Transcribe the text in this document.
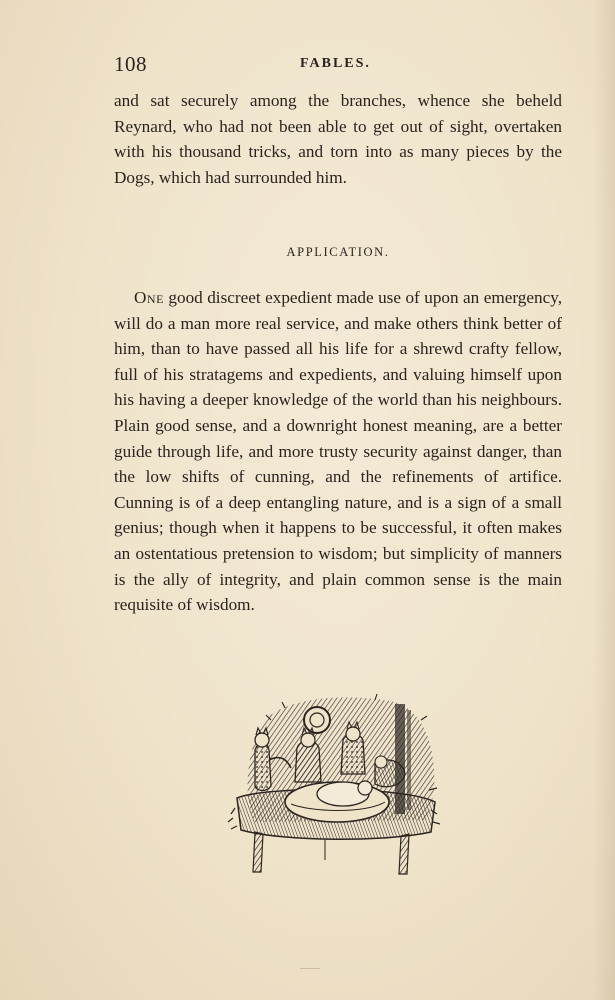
108	FABLES.

and sat securely among the branches, whence she beheld Reynard, who had not been able to get out of sight, overtaken with his thousand tricks, and torn into as many pieces by the Dogs, which had surrounded him.

APPLICATION.

One good discreet expedient made use of upon an emergency, will do a man more real service, and make others think better of him, than to have passed all his life for a shrewd crafty fellow, full of his stratagems and expedients, and valuing himself upon his having a deeper knowledge of the world than his neighbours. Plain good sense, and a downright honest meaning, are a better guide through life, and more trusty security against danger, than the low shifts of cunning, and the refinements of artifice. Cunning is of a deep entangling nature, and is a sign of a small genius; though when it happens to be successful, it often makes an ostentatious pretension to wisdom; but simplicity of manners is the ally of integrity, and plain common sense is the main requisite of wisdom.
